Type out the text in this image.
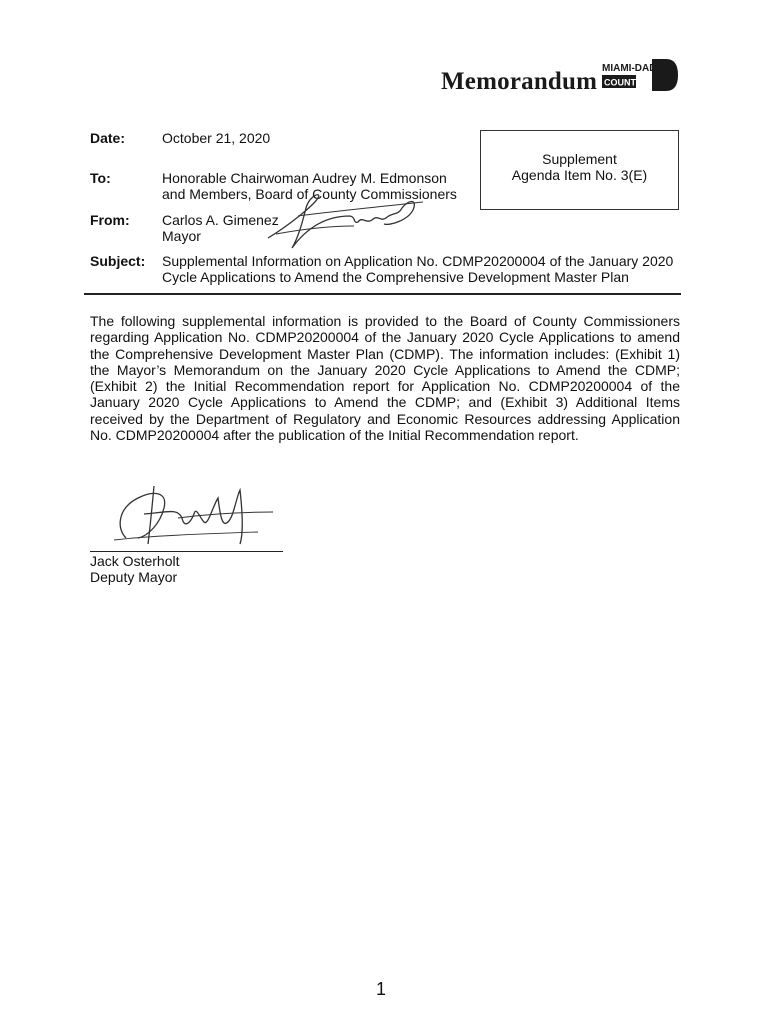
Memorandum MIAMI-DADE
COUNTY
Date:	October 21, 2020
To:	Honorable Chairwoman Audrey M. Edmonson
and Members, Board of County Commissioners
From: Carlos A. Gimenez
Mayor
Subject: Supplemental Information on Application No. CDMP20200004 of the January 2020
Cycle Applications to Amend the Comprehensive Development Master Plan
Supplement
Agenda Item No. 3(E)

The following supplemental information is provided to the Board of County Commissioners regarding Application No. CDMP20200004 of the January 2020 Cycle Applications to amend the Comprehensive Development Master Plan (CDMP). The information includes: (Exhibit 1) the Mayor’s Memorandum on the January 2020 Cycle Applications to Amend the CDMP; (Exhibit 2) the Initial Recommendation report for Application No. CDMP20200004 of the January 2020 Cycle Applications to Amend the CDMP; and (Exhibit 3) Additional Items received by the Department of Regulatory and Economic Resources addressing Application No. CDMP20200004 after the publication of the Initial Recommendation report.

Jack Osterholt
Deputy Mayor
1
